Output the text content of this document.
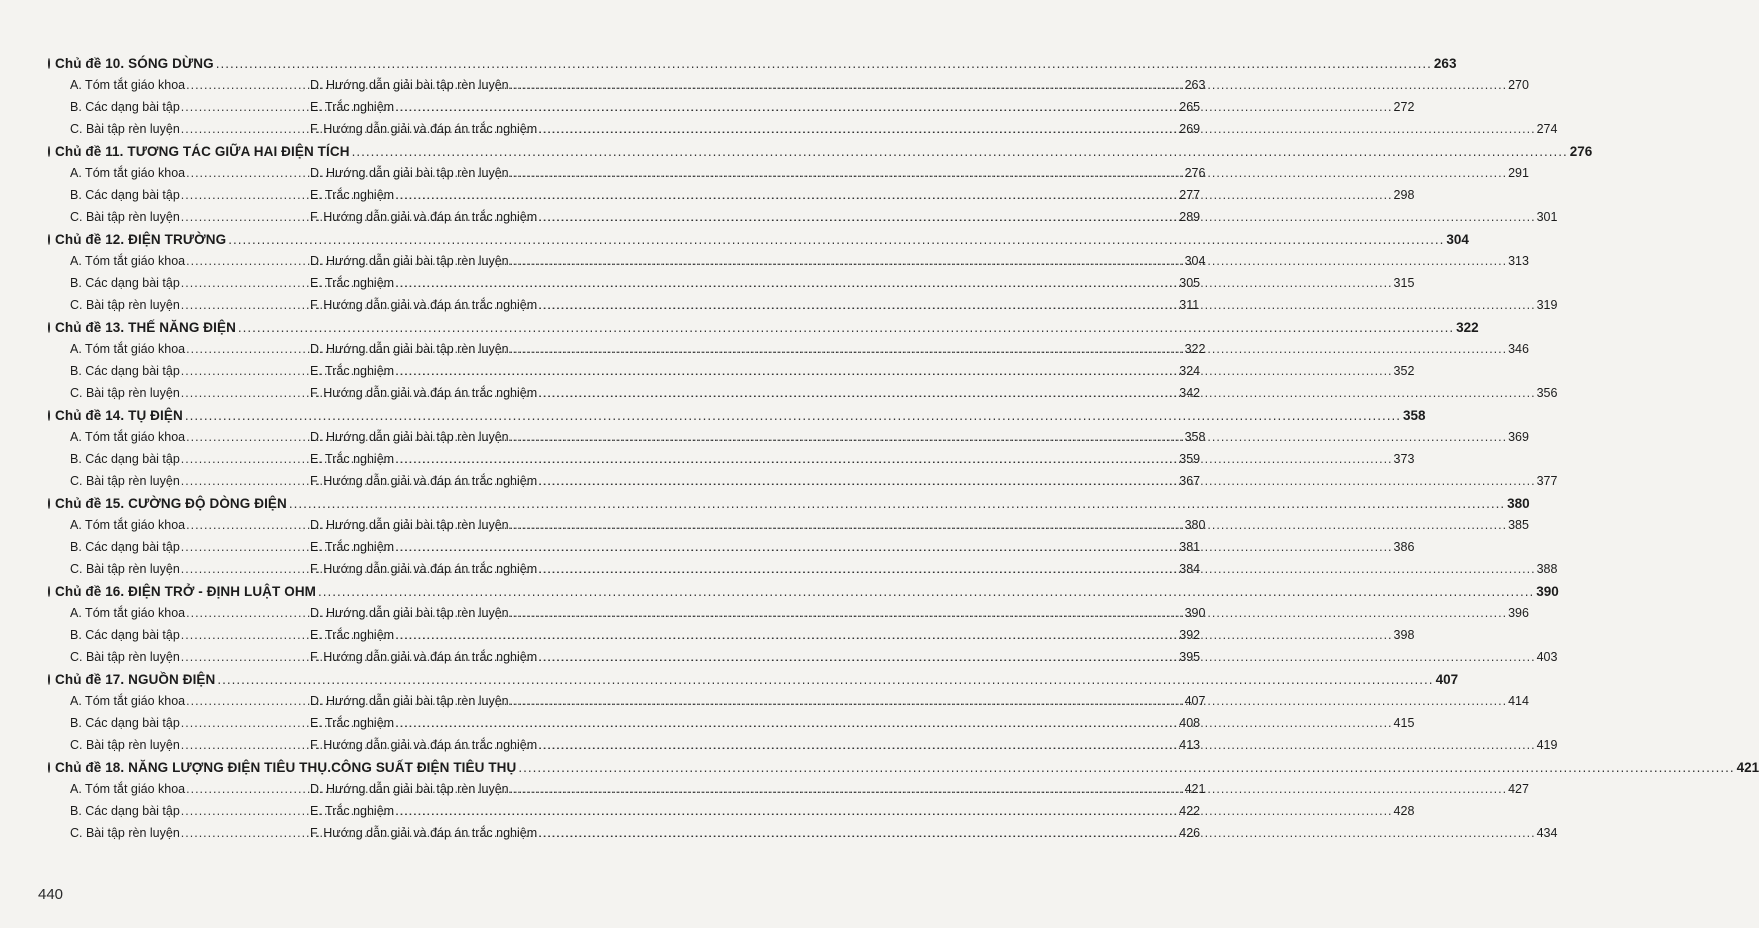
Chủ đề 10. SÓNG DỪNG .....	263
A. Tóm tắt giáo khoa .....	263
D. Hướng dẫn giải bài tập rèn luyện .....	270
B. Các dạng bài tập .....	265
E. Trắc nghiệm .....	272
C. Bài tập rèn luyện .....	269
F. Hướng dẫn giải và đáp án trắc nghiệm .....	274
Chủ đề 11. TƯƠNG TÁC GIỮA HAI ĐIỆN TÍCH .....	276
A. Tóm tắt giáo khoa .....	276
D. Hướng dẫn giải bài tập rèn luyện .....	291
B. Các dạng bài tập .....	277
E. Trắc nghiệm .....	298
C. Bài tập rèn luyện .....	289
F. Hướng dẫn giải và đáp án trắc nghiệm .....	301
Chủ đề 12. ĐIỆN TRƯỜNG .....	304
A. Tóm tắt giáo khoa .....	304
D. Hướng dẫn giải bài tập rèn luyện .....	313
B. Các dạng bài tập .....	305
E. Trắc nghiệm .....	315
C. Bài tập rèn luyện .....	311
F. Hướng dẫn giải và đáp án trắc nghiệm .....	319
Chủ đề 13. THẾ NĂNG ĐIỆN .....	322
A. Tóm tắt giáo khoa .....	322
D. Hướng dẫn giải bài tập rèn luyện .....	346
B. Các dạng bài tập .....	324
E. Trắc nghiệm .....	352
C. Bài tập rèn luyện .....	342
F. Hướng dẫn giải và đáp án trắc nghiệm .....	356
Chủ đề 14. TỤ ĐIỆN .....	358
A. Tóm tắt giáo khoa .....	358
D. Hướng dẫn giải bài tập rèn luyện .....	369
B. Các dạng bài tập .....	359
E. Trắc nghiệm .....	373
C. Bài tập rèn luyện .....	367
F. Hướng dẫn giải và đáp án trắc nghiệm .....	377
Chủ đề 15. CƯỜNG ĐỘ DÒNG ĐIỆN .....	380
A. Tóm tắt giáo khoa .....	380
D. Hướng dẫn giải bài tập rèn luyện .....	385
B. Các dạng bài tập .....	381
E. Trắc nghiệm .....	386
C. Bài tập rèn luyện .....	384
F. Hướng dẫn giải và đáp án trắc nghiệm .....	388
Chủ đề 16. ĐIỆN TRỞ - ĐỊNH LUẬT OHM .....	390
A. Tóm tắt giáo khoa .....	390
D. Hướng dẫn giải bài tập rèn luyện .....	396
B. Các dạng bài tập .....	392
E. Trắc nghiệm .....	398
C. Bài tập rèn luyện .....	395
F. Hướng dẫn giải và đáp án trắc nghiệm .....	403
Chủ đề 17. NGUỒN ĐIỆN .....	407
A. Tóm tắt giáo khoa .....	407
D. Hướng dẫn giải bài tập rèn luyện .....	414
B. Các dạng bài tập .....	408
E. Trắc nghiệm .....	415
C. Bài tập rèn luyện .....	413
F. Hướng dẫn giải và đáp án trắc nghiệm .....	419
Chủ đề 18. NĂNG LƯỢNG ĐIỆN TIÊU THỤ.CÔNG SUẤT ĐIỆN TIÊU THỤ .....	421
A. Tóm tắt giáo khoa .....	421
D. Hướng dẫn giải bài tập rèn luyện .....	427
B. Các dạng bài tập .....	422
E. Trắc nghiệm .....	428
C. Bài tập rèn luyện .....	426
F. Hướng dẫn giải và đáp án trắc nghiệm .....	434
440
